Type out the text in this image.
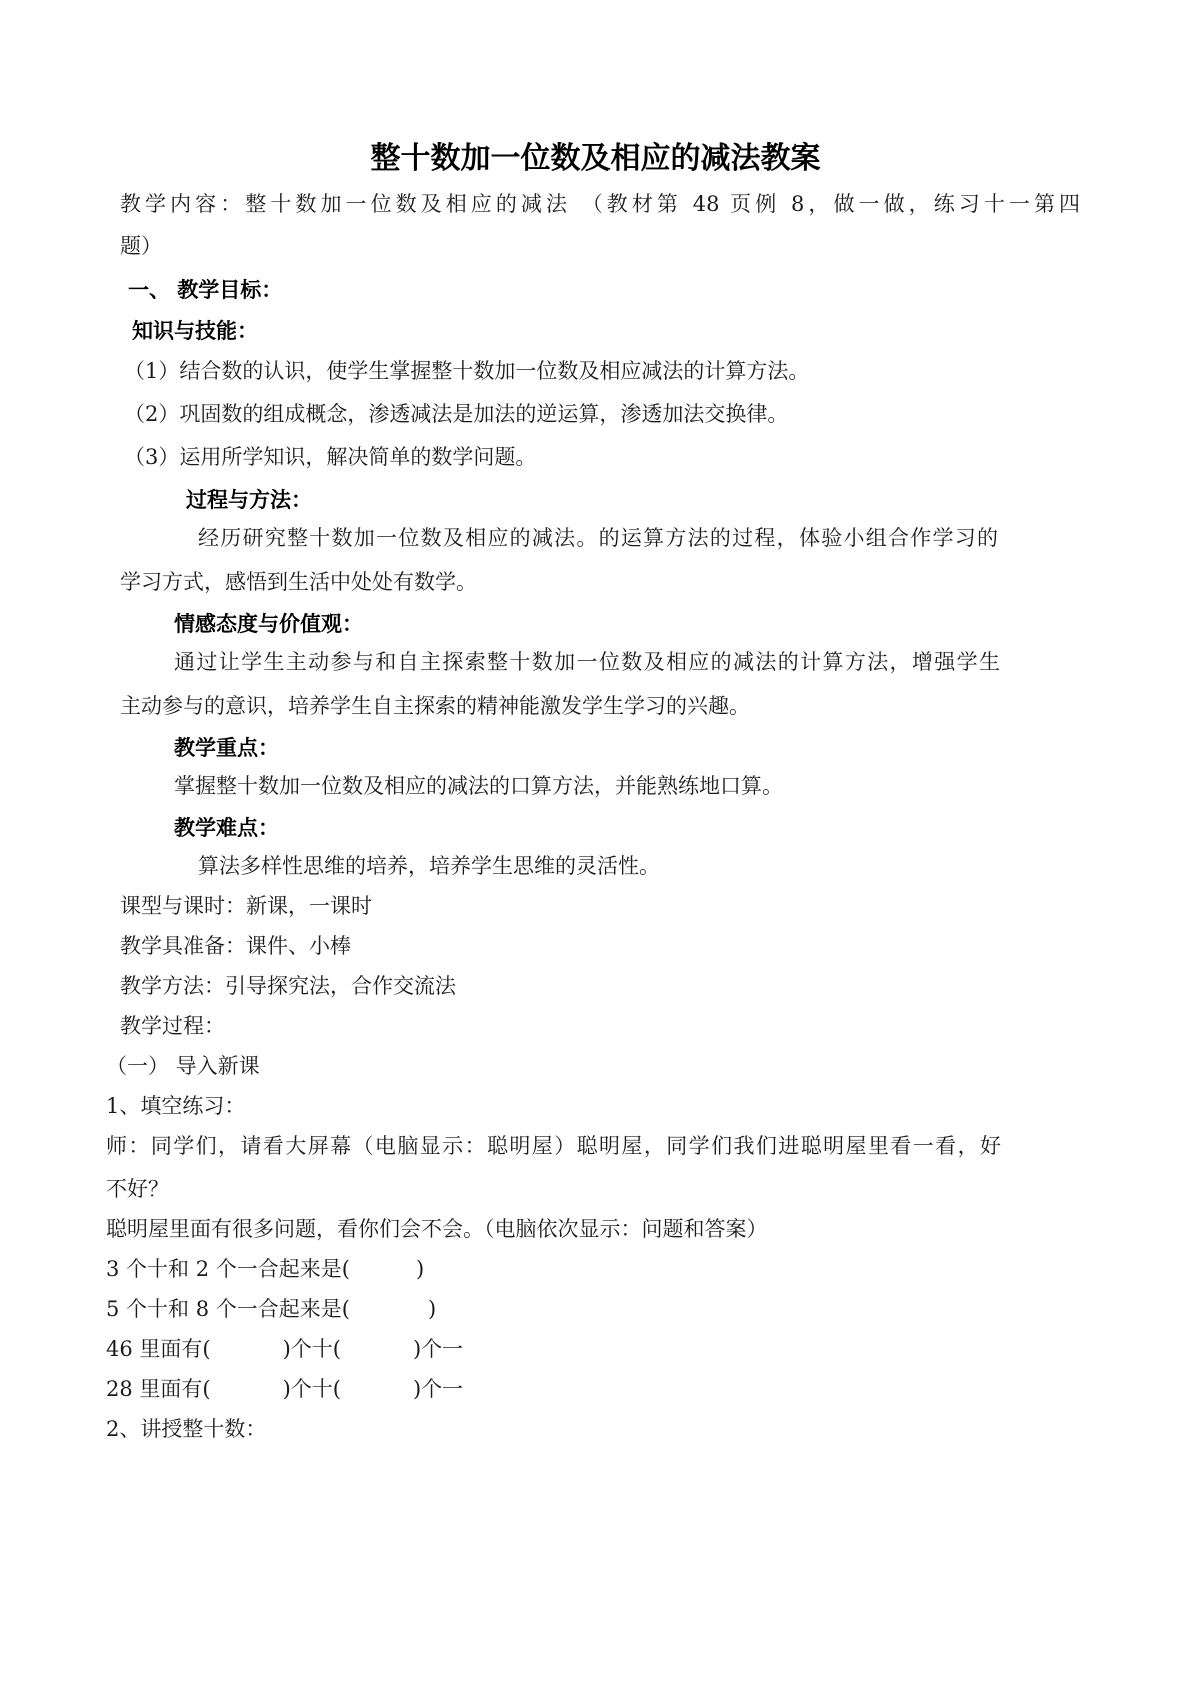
整十数加一位数及相应的减法教案
教学内容：整十数加一位数及相应的减法 （教材第 48 页例 8，做一做，练习十一第四
题）
一、 教学目标：
知识与技能：
（1）结合数的认识，使学生掌握整十数加一位数及相应减法的计算方法。
（2）巩固数的组成概念，渗透减法是加法的逆运算，渗透加法交换律。
（3）运用所学知识，解决简单的数学问题。
过程与方法：
经历研究整十数加一位数及相应的减法。的运算方法的过程，体验小组合作学习的
学习方式，感悟到生活中处处有数学。
情感态度与价值观：
通过让学生主动参与和自主探索整十数加一位数及相应的减法的计算方法，增强学生
主动参与的意识，培养学生自主探索的精神能激发学生学习的兴趣。
教学重点：
掌握整十数加一位数及相应的减法的口算方法，并能熟练地口算。
教学难点：
算法多样性思维的培养，培养学生思维的灵活性。
课型与课时：新课，一课时
教学具准备：课件、小棒
教学方法：引导探究法，合作交流法
教学过程：
（一） 导入新课
1、填空练习：
师：同学们，请看大屏幕（电脑显示：聪明屋）聪明屋，同学们我们进聪明屋里看一看，好
不好？
聪明屋里面有很多问题，看你们会不会。（电脑依次显示：问题和答案）
3 个十和 2 个一合起来是(	)
5 个十和 8 个一合起来是(	)
46 里面有(	)个十(	)个一
28 里面有(	)个十(	)个一
2、讲授整十数：
